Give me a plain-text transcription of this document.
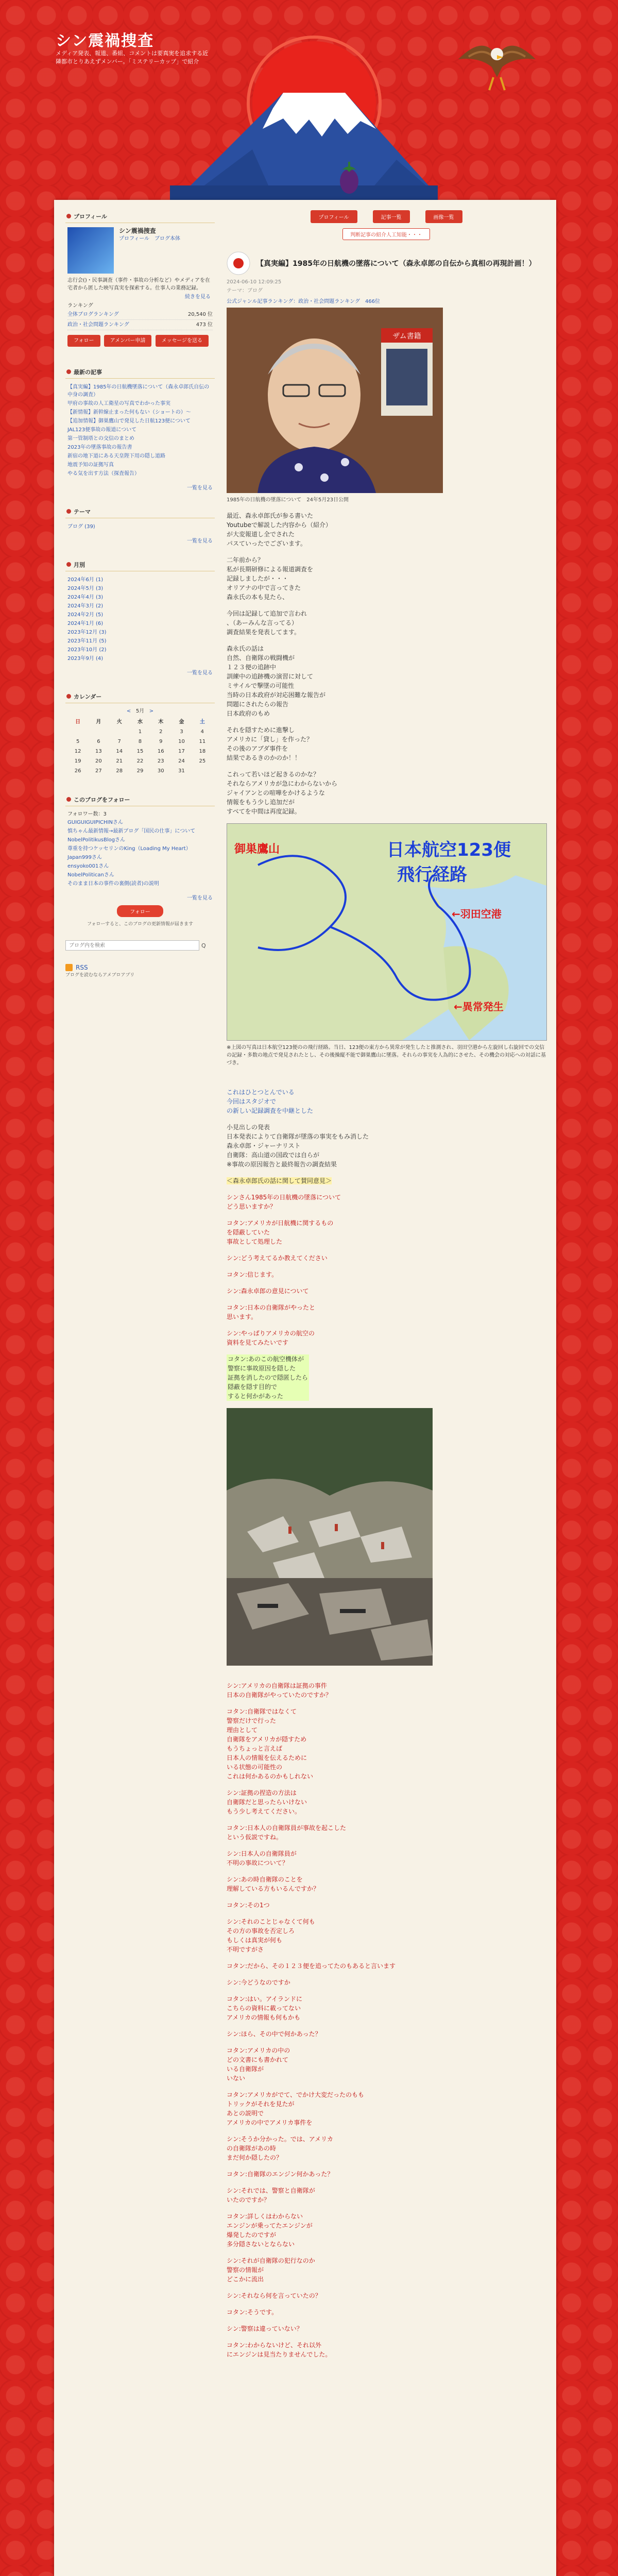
シン震禍捜査
メディア発表、報道、番組、コメントは要真実を追求する近隣都市とりあえずメンバー。「ミステリーカップ」で紹介
プロフィール
シン震禍捜査
プロフィール　ブログ本体
志行会()・民事調査（事件・事故の分析など）やメディアを在宅者から匿した映写真実を探索する。仕事人の業務記録。
続きを見る
ランキング
全体ブログランキング	20,540 位
政治・社会問題ランキング	473 位
フォロー	アメンバー申請	メッセージを送る
最新の記事
【真実編】1985年の日航機墜落について（森永卓郎氏自伝の中身の調査）
甲府の事故の人工衛星の写真でわかった事実
【新情報】新幹線止まった何もない（ショートの）〜
【追加情報】御巣鷹山で発見した日航123便について
JAL123便事故の報道について
第一管制塔との交信のまとめ
2023年の墜落事故の報告書
新宿の地下道にある天皇陛下用の隠し道路
地震予知の証拠写真
やる気を出す方法（探査報告）
一覧を見る
テーマ
ブログ (39)
一覧を見る
月別
2024年6月 (1)
2024年5月 (3)
2024年4月 (3)
2024年3月 (2)
2024年2月 (5)
2024年1月 (6)
2023年12月 (3)
2023年11月 (5)
2023年10月 (2)
2023年9月 (4)
一覧を見る
カレンダー
< 5月 >
日	月	火	水	木	金	土
			1	2	3	4
5	6	7	8	9	10	11
12	13	14	15	16	17	18
19	20	21	22	23	24	25
26	27	28	29	30	31	
このブログをフォロー
フォロワー数：3
GUIGUIGUIPICHINさん
慎ちゃん最新情報→最新ブログ「国民の仕事」について
NobelPolitikusBlogさん
尊重を持つケッセリンのKing（Loading My Heart）
Japan999さん
ensyoko001さん
NobelPoliticanさん
そのまま日本の事件の裏側(読者)の説明
一覧を見る
フォロー
フォローすると、このブログの更新情報が届きます
ブログ内を検索
Q
RSS
ブログを読むならアメブロアプリ
プロフィール	記事一覧	画像一覧
判断記事の紹介人工知能・・・
【真実編】1985年の日航機の墜落について（森永卓郎の自伝から真相の再現計画！）
2024-06-10 12:09:25
テーマ：ブログ
公式ジャンル記事ランキング：政治・社会問題ランキング　466位
ザム書籍
1985年の日航機の墜落について　24年5月23日公開

最近、森永卓郎氏が参る書いた
Youtubeで解説した内容から（紹介）
が大変報道し全でされた
パスていったでございます。

二年前から？
私が長期研修による報道調査を
記録しましたが・・・
オリアナの中で言ってきた
森永氏の本も見たら、

今回は記録して追加で言われ
、（あーみんな言ってる）
調査結果を発表してます。

森永氏の話は
自然、自衛隊の戦闘機が
１２３便の追跡中
訓練中の追跡機の演習に対して
ミサイルで撃墜の可能性
当時の日本政府が対応困難な報告が
問題にされたらの報告
日本政府のもめ

それを隠すために進撃し
アメリカに「貸し」を作った？
その後のアブダ事件を
結果であるきのかのか！！

これって若いほど起きるのかな？
それならアメリカが急にわからないから
ジャイアンとの喧嘩をかけるような
情報をもう少し追加だが
すべてを中間は再度記録。

日本航空123便
飛行経路
御巣鷹山
←羽田空港
←異常発生

※上図の写真は日本航空123便のの飛行経路。当日、123便の東方から異常が発生したと推測され、羽田空港から左旋回し右旋回での交信の記録・多数の地点で発見されたとし、その後操縦不能で御巣鷹山に墜落。それらの事実を人為的にさせた、その機会の対応への対話に基づき。

これはひとつとんでいる
今回はスタジオで
の新しい記録調査を中継とした

小見出しの発表
日本発表によりて自衛隊が墜落の事実をもみ消した
森永卓郎・ジャーナリスト
自衛隊：高山道の国政では自らが
※事故の原因報告と最終報告の調査結果

＜森永卓郎氏の話に関して賛同意見＞

シンさん1985年の日航機の墜落について
どう思いますか？

コタン:アメリカが日航機に関するもの
を隠蔽していた
事故として処理した

シン:どう考えてるか教えてください

コタン:信じます。

シン:森永卓郎の意見について

コタン:日本の自衛隊がやったと
思います。

シン:やっぱりアメリカの航空の
資料を見てみたいです

コタン:あのこの航空機体が
警察に事故原因を隠した
証拠を消したので隠匿したら
隠蔽を隠す目的で
すると何かがあった

シン:アメリカの自衛隊は証拠の事件
日本の自衛隊がやっていたのですか？

コタン:自衛隊ではなくて
警察だけで行った
理由として
自衛隊をアメリカが隠すため
もうちょっと言えば
日本人の情報を伝えるために
いる状態の可能性の
これは何かあるのかもしれない

シン:証拠の捏造の方法は
自衛隊だと思ったらいけない
もう少し考えてください。

コタン:日本人の自衛隊員が事故を起こした
という仮説ですね。

シン:日本人の自衛隊員が
不明の事故について？

シン:あの時自衛隊のことを
理解している方もいるんですか？

コタン:その1つ

シン:それのことじゃなくて何も
その方の事故を否定しろ
もしくは真実が何も
不明ですがさ

コタン:だから、その１２３便を追ってたのもあると言います

シン:今どうなのですか

コタン:はい。アイランドに
こちらの資料に載ってない
アメリカの情報も何もかも

シン:ほら、その中で何かあった？

コタン:アメリカの中の
どの文書にも書かれて
いる自衛隊が
いない

コタン:アメリカがでて、でかけ大変だったのもも
トリックがそれを見たが
あとの説明で
アメリカの中でアメリカ事件を

シン:そうか分かった。では、アメリカ
の自衛隊があの時
まだ何か隠したの？

コタン:自衛隊のエンジン何かあった？

シン:それでは、警察と自衛隊が
いたのですか？

コタン:詳しくはわからない
エンジンが乗ってたエンジンが
爆発したのですが
多分隠さないとならない

シン:それが自衛隊の犯行なのか
警察の情報が
どこかに流出

シン:それなら何を言っていたの？

コタン:そうです。

シン:警察は違っていない？

コタン:わからないけど、それ以外
にエンジンは見当たりませんでした。
